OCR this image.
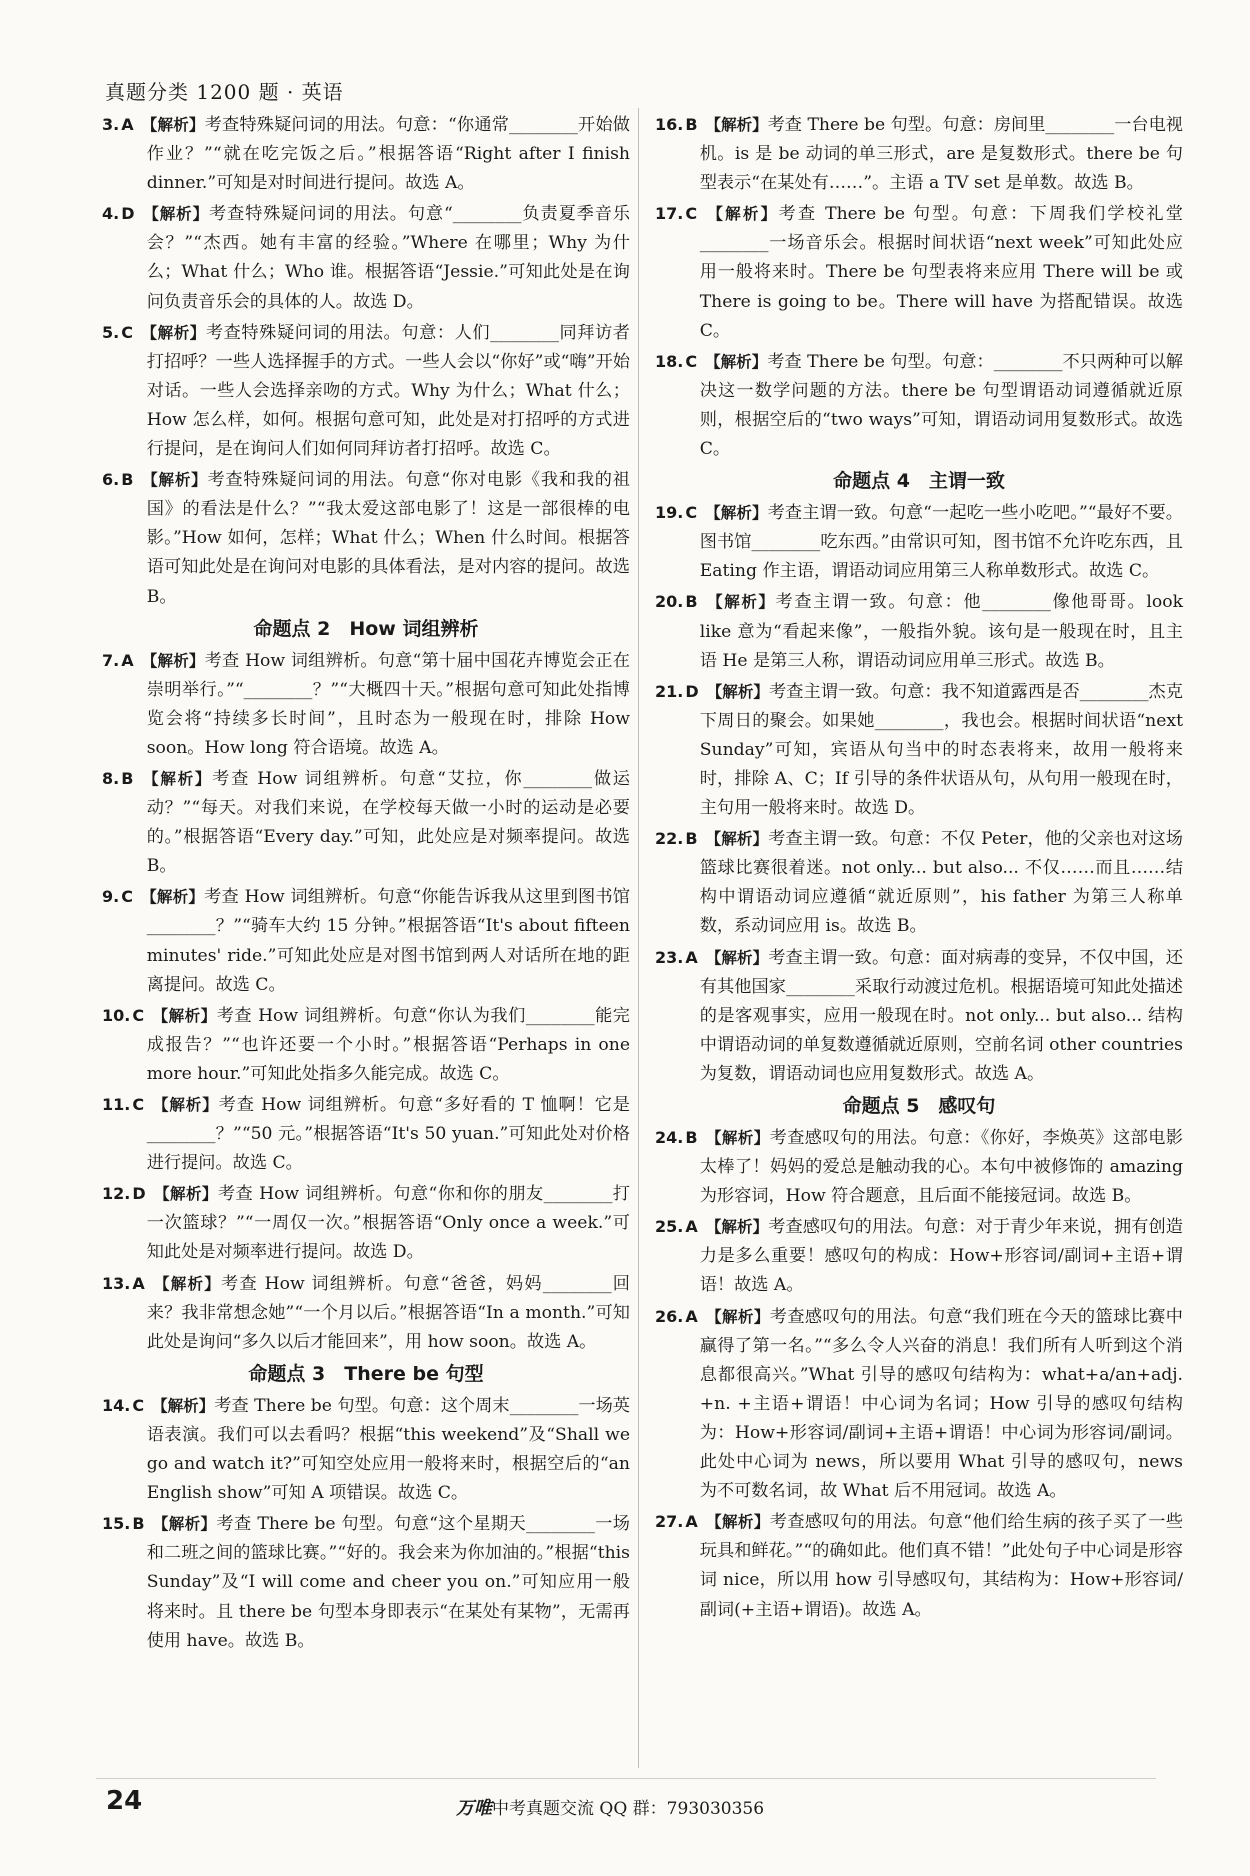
真题分类 1200 题 · 英语
3. A 【解析】考查特殊疑问词的用法。句意：“你通常________开始做作业？”“就在吃完饭之后。”根据答语“Right after I finish dinner.”可知是对时间进行提问。故选 A。
4. D 【解析】考查特殊疑问词的用法。句意“________负责夏季音乐会？”“杰西。她有丰富的经验。”Where 在哪里；Why 为什么；What 什么；Who 谁。根据答语“Jessie.”可知此处是在询问负责音乐会的具体的人。故选 D。
5. C 【解析】考查特殊疑问词的用法。句意：人们________同拜访者打招呼？一些人选择握手的方式。一些人会以“你好”或“嗨”开始对话。一些人会选择亲吻的方式。Why 为什么；What 什么；How 怎么样，如何。根据句意可知，此处是对打招呼的方式进行提问，是在询问人们如何同拜访者打招呼。故选 C。
6. B 【解析】考查特殊疑问词的用法。句意“你对电影《我和我的祖国》的看法是什么？”“我太爱这部电影了！这是一部很棒的电影。”How 如何，怎样；What 什么；When 什么时间。根据答语可知此处是在询问对电影的具体看法，是对内容的提问。故选 B。
命题点 2　How 词组辨析
7. A 【解析】考查 How 词组辨析。句意“第十届中国花卉博览会正在崇明举行。”“________？”“大概四十天。”根据句意可知此处指博览会将“持续多长时间”，且时态为一般现在时，排除 How soon。How long 符合语境。故选 A。
8. B 【解析】考查 How 词组辨析。句意“艾拉，你________做运动？”“每天。对我们来说，在学校每天做一小时的运动是必要的。”根据答语“Every day.”可知，此处应是对频率提问。故选 B。
9. C 【解析】考查 How 词组辨析。句意“你能告诉我从这里到图书馆________？”“骑车大约 15 分钟。”根据答语“It's about fifteen minutes' ride.”可知此处应是对图书馆到两人对话所在地的距离提问。故选 C。
10. C 【解析】考查 How 词组辨析。句意“你认为我们________能完成报告？”“也许还要一个小时。”根据答语“Perhaps in one more hour.”可知此处指多久能完成。故选 C。
11. C 【解析】考查 How 词组辨析。句意“多好看的 T 恤啊！它是________？”“50 元。”根据答语“It's 50 yuan.”可知此处对价格进行提问。故选 C。
12. D 【解析】考查 How 词组辨析。句意“你和你的朋友________打一次篮球？”“一周仅一次。”根据答语“Only once a week.”可知此处是对频率进行提问。故选 D。
13. A 【解析】考查 How 词组辨析。句意“爸爸，妈妈________回来？我非常想念她”“一个月以后。”根据答语“In a month.”可知此处是询问“多久以后才能回来”，用 how soon。故选 A。
命题点 3　There be 句型
14. C 【解析】考查 There be 句型。句意：这个周末________一场英语表演。我们可以去看吗？根据“this weekend”及“Shall we go and watch it?”可知空处应用一般将来时，根据空后的“an English show”可知 A 项错误。故选 C。
15. B 【解析】考查 There be 句型。句意“这个星期天________一场和二班之间的篮球比赛。”“好的。我会来为你加油的。”根据“this Sunday”及“I will come and cheer you on.”可知应用一般将来时。且 there be 句型本身即表示“在某处有某物”，无需再使用 have。故选 B。
16. B 【解析】考查 There be 句型。句意：房间里________一台电视机。is 是 be 动词的单三形式，are 是复数形式。there be 句型表示“在某处有……”。主语 a TV set 是单数。故选 B。
17. C 【解析】考查 There be 句型。句意：下周我们学校礼堂________一场音乐会。根据时间状语“next week”可知此处应用一般将来时。There be 句型表将来应用 There will be 或 There is going to be。There will have 为搭配错误。故选 C。
18. C 【解析】考查 There be 句型。句意：________不只两种可以解决这一数学问题的方法。there be 句型谓语动词遵循就近原则，根据空后的“two ways”可知，谓语动词用复数形式。故选 C。
命题点 4　主谓一致
19. C 【解析】考查主谓一致。句意“一起吃一些小吃吧。”“最好不要。图书馆________吃东西。”由常识可知，图书馆不允许吃东西，且 Eating 作主语，谓语动词应用第三人称单数形式。故选 C。
20. B 【解析】考查主谓一致。句意：他________像他哥哥。look like 意为“看起来像”，一般指外貌。该句是一般现在时，且主语 He 是第三人称，谓语动词应用单三形式。故选 B。
21. D 【解析】考查主谓一致。句意：我不知道露西是否________杰克下周日的聚会。如果她________，我也会。根据时间状语“next Sunday”可知，宾语从句当中的时态表将来，故用一般将来时，排除 A、C；If 引导的条件状语从句，从句用一般现在时，主句用一般将来时。故选 D。
22. B 【解析】考查主谓一致。句意：不仅 Peter，他的父亲也对这场篮球比赛很着迷。not only... but also... 不仅……而且……结构中谓语动词应遵循“就近原则”，his father 为第三人称单数，系动词应用 is。故选 B。
23. A 【解析】考查主谓一致。句意：面对病毒的变异，不仅中国，还有其他国家________采取行动渡过危机。根据语境可知此处描述的是客观事实，应用一般现在时。not only... but also... 结构中谓语动词的单复数遵循就近原则，空前名词 other countries 为复数，谓语动词也应用复数形式。故选 A。
命题点 5　感叹句
24. B 【解析】考查感叹句的用法。句意：《你好，李焕英》这部电影太棒了！妈妈的爱总是触动我的心。本句中被修饰的 amazing 为形容词，How 符合题意，且后面不能接冠词。故选 B。
25. A 【解析】考查感叹句的用法。句意：对于青少年来说，拥有创造力是多么重要！感叹句的构成：How+形容词/副词+主语+谓语！故选 A。
26. A 【解析】考查感叹句的用法。句意“我们班在今天的篮球比赛中赢得了第一名。”“多么令人兴奋的消息！我们所有人听到这个消息都很高兴。”What 引导的感叹句结构为：what+a/an+adj. +n. +主语+谓语！中心词为名词；How 引导的感叹句结构为：How+形容词/副词+主语+谓语！中心词为形容词/副词。此处中心词为 news，所以要用 What 引导的感叹句，news 为不可数名词，故 What 后不用冠词。故选 A。
27. A 【解析】考查感叹句的用法。句意“他们给生病的孩子买了一些玩具和鲜花。”“的确如此。他们真不错！”此处句子中心词是形容词 nice，所以用 how 引导感叹句，其结构为：How+形容词/副词(+主语+谓语)。故选 A。
24	万唯中考真题交流 QQ 群：793030356
